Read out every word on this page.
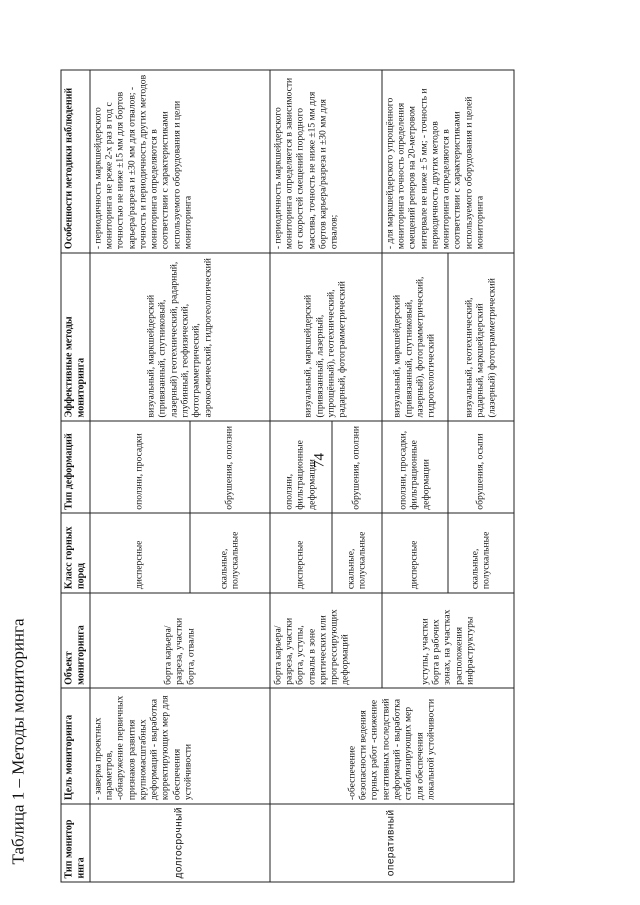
74
Таблица 1 – Методы мониторинга	Тип монитор инга	Цель мониторинга	Объект мониторинга	Класс горных пород	Тип деформаций	Эффективные методы мониторинга	Особенности методики наблюдений
долгосрочный	- заверка проектных параметров, -обнаружение первичных признаков развития крупномасштабных деформаций - выработка корректирующих мер для обеспечения устойчивости	борта карьера/разреза, участки борта, отвалы	дисперсные	оползни, просадки	визуальный, маркшейдерский (привязанный, спутниковый, лазерный) геотехнический, радарный, глубинный, геофизический, фотограмметрический, аэрокосмический, гидрогеологический	- периодичность маркшейдерского мониторинга не реже 2-х раз в год с точностью не ниже ±15 мм для бортов карьера/разреза и ±30 мм для отвалов; - точность и периодичность других методов мониторинга определяются в соответствии с характеристиками используемого оборудования и цели мониторинга
			скальные, полускальные	обрушения, оползни		
оперативный	-обеспечение безопасности ведения горных работ -снижение негативных последствий деформаций - выработка стабилизирующих мер для обеспечения локальной устойчивости	борта карьера/разреза, участки борта, уступы, отвалы в зоне критических или прогрессирующих деформаций	дисперсные	оползни, фильтрационные деформации	визуальный, маркшейдерский (привязанный, лазерный, упрощённый), геотехнический, радарный, фотограмметрический	- периодичность маркшейдерского мониторинга определяется в зависимости от скоростей смещений породного массива, точность не ниже ±15 мм для бортов карьера/разреза и ±30 мм для отвалов;
			скальные, полускальные	обрушения, оползни		
		уступы, участки борта в рабочих зонах, на участках расположения инфраструктуры	дисперсные	оползни, просадки, фильтрационные деформации	визуальный, маркшейдерский (привязанный, спутниковый, лазерный), фотограмметрический, гидрогеологический	- для маркшейдерского упрощённого мониторинга точность определения смещений реперов на 20-метровом интервале не ниже ± 5 мм; - точность и периодичность других методов мониторинга определяются в соответствии с характеристиками используемого оборудования и целей мониторинга
			скальные, полускальные	обрушения, осыпи	визуальный, геотехнический, радарный, маркшейдерский (лазерный) фотограмметрический	
